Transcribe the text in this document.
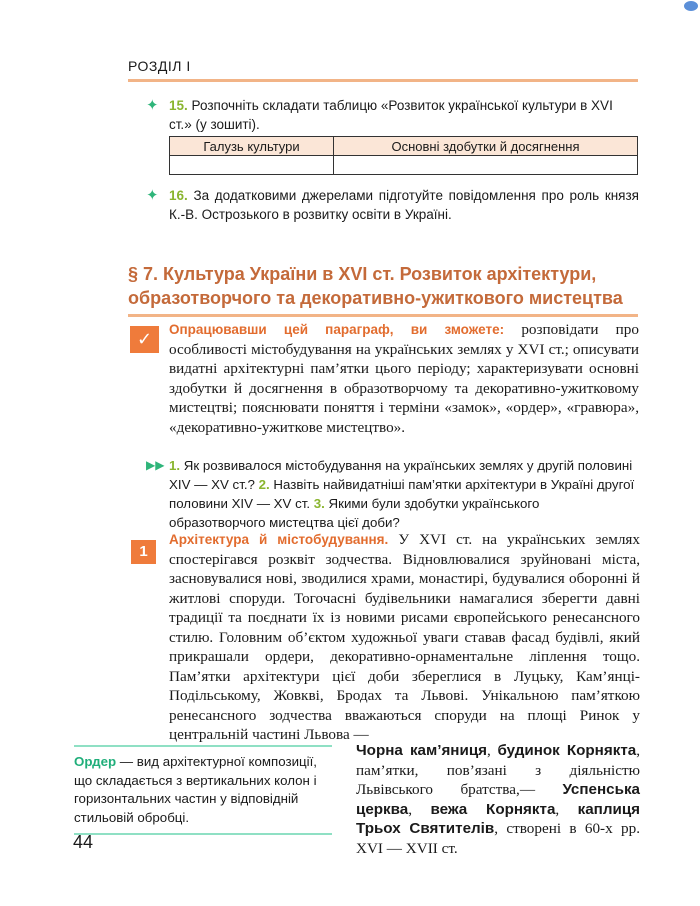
РОЗДІЛ І
✦ 15. Розпочніть складати таблицю «Розвиток української культури в XVI ст.» (у зошиті).
Галузь культури	Основні здобутки й досягнення

✦ 16. За додатковими джерелами підготуйте повідомлення про роль князя К.-В. Острозького в розвитку освіти в Україні.
§ 7. Культура України в XVI ст. Розвиток архітектури,
образотворчого та декоративно-ужиткового мистецтва
✓	Опрацювавши цей параграф, ви зможете: розповідати про особливості містобудування на українських землях у XVI ст.; описувати видатні архітектурні пам’ятки цього періоду; характеризувати основні здобутки й досягнення в образотворчому та декоративно-ужитковому мистецтві; пояснювати поняття і терміни «замок», «ордер», «гравюра», «декоративно-ужиткове мистецтво».
▶▶ 1. Як розвивалося містобудування на українських землях у другій половині XIV — XV ст.? 2. Назвіть найвидатніші пам’ятки архітектури в Україні другої половини XIV — XV ст. 3. Якими були здобутки українського образотворчого мистецтва цієї доби?
1
Архітектура й містобудування. У XVI ст. на українських землях спостерігався розквіт зодчества. Відновлювалися зруйновані міста, засновувалися нові, зводилися храми, монастирі, будувалися оборонні й житлові споруди. Тогочасні будівельники намагалися зберегти давні традиції та поєднати їх із новими рисами європейського ренесансного стилю. Головним об’єктом художньої уваги ставав фасад будівлі, який прикрашали ордери, декоративно-орнаментальне ліплення тощо. Пам’ятки архітектури цієї доби збереглися в Луцьку, Кам’янці-Подільському, Жовкві, Бродах та Львові. Унікальною пам’яткою ренесансного зодчества вважаються споруди на площі Ринок у центральній частині Львова —
Чорна кам’яниця, будинок Корнякта, пам’ятки, пов’язані з діяльністю Львівського братства,— Успенська церква, вежа Корнякта, каплиця Трьох Святителів, створені в 60-х рр. XVI — XVII ст.
Ордер — вид архітектурної композиції, що складається з вертикальних колон і горизонтальних частин у відповідній стильовій обробці.
44
